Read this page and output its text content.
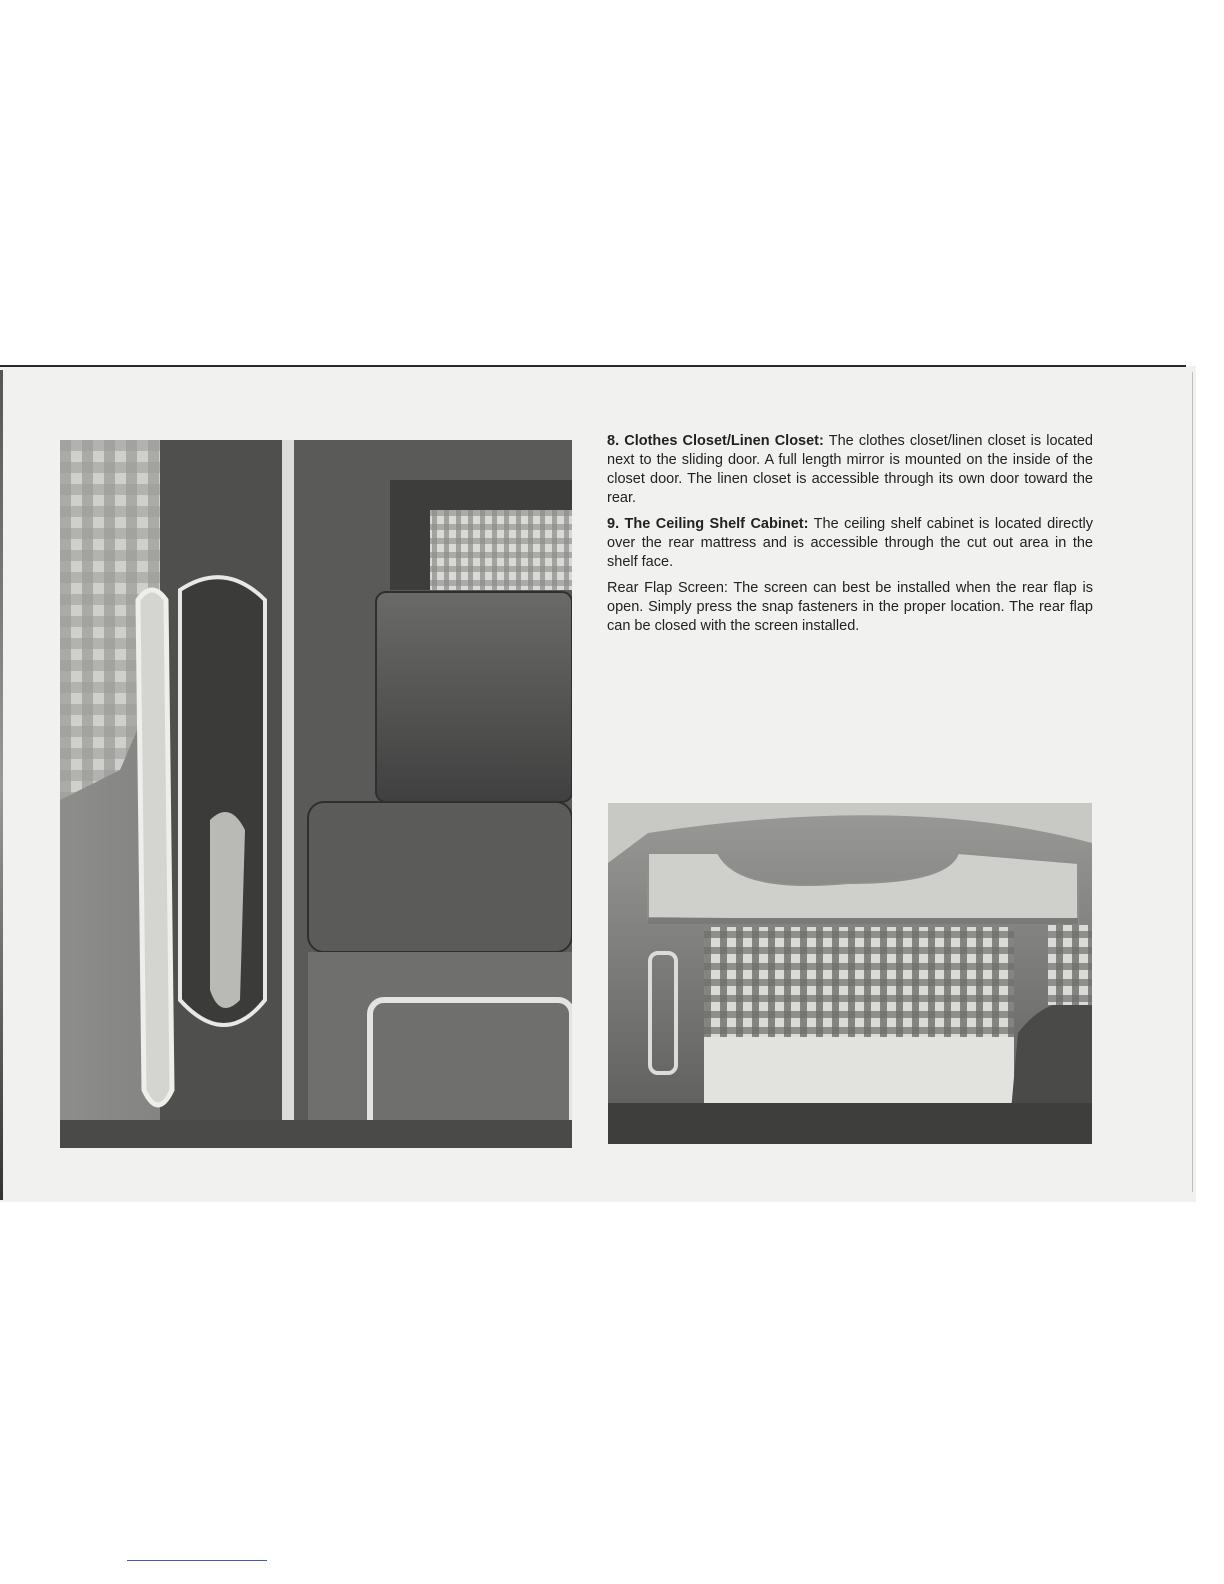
8. Clothes Closet/Linen Closet: The clothes closet/linen closet is located next to the sliding door. A full length mirror is mounted on the inside of the closet door. The linen closet is accessible through its own door toward the rear.

9. The Ceiling Shelf Cabinet: The ceiling shelf cabinet is located directly over the rear mattress and is accessible through the cut out area in the shelf face.

Rear Flap Screen: The screen can best be installed when the rear flap is open. Simply press the snap fasteners in the proper location. The rear flap can be closed with the screen installed.
